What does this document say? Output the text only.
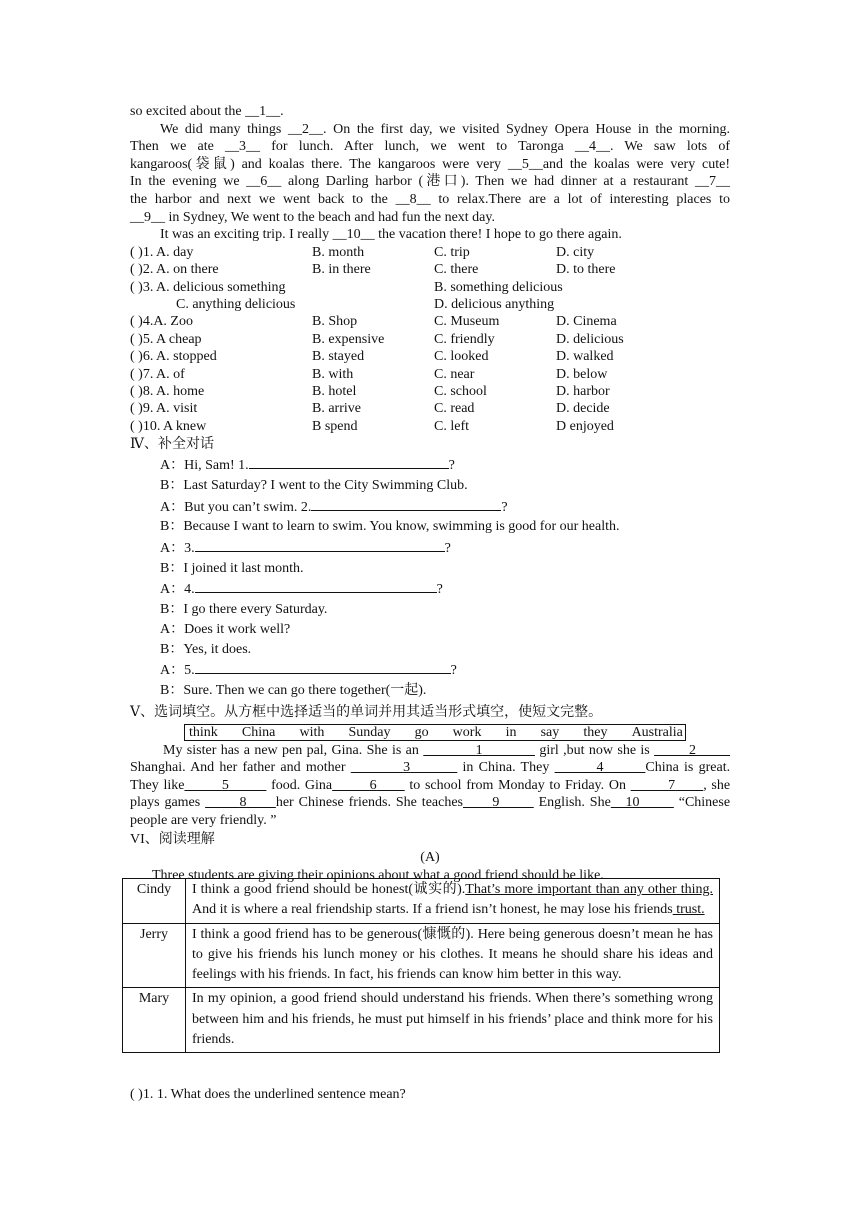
so excited about the __1__.

We did many things __2__. On the first day, we visited Sydney Opera House in the morning.

Then we ate __3__ for lunch. After lunch, we went to Taronga __4__. We saw lots of

kangaroos(袋鼠) and koalas there. The kangaroos were very __5__and the koalas were very cute!

In the evening we __6__ along Darling harbor (港口). Then we had dinner at a restaurant __7__

the harbor and next we went back to the __8__ to relax.There are a lot of interesting places to

__9__ in Sydney, We went to the beach and had fun the next day.

It was an exciting trip. I really __10__ the vacation there! I hope to go there again.

( )1. A. day	B. month	C. trip	D. city
( )2. A. on there	B. in there	C. there	D. to there
( )3. A. delicious something	B. something delicious
C. anything delicious	D. delicious anything
( )4.A. Zoo	B. Shop	C. Museum	D. Cinema
( )5. A cheap	B. expensive	C. friendly	D. delicious
( )6. A. stopped	B. stayed	C. looked	D. walked
( )7. A. of	B. with	C. near	D. below
( )8. A. home	B. hotel	C. school	D. harbor
( )9. A. visit	B. arrive	C. read	D. decide
( )10. A knew	B spend	C. left	D enjoyed

Ⅳ、补全对话

A：Hi, Sam! 1.	?
B：Last Saturday? I went to the City Swimming Club.
A：But you can’t swim. 2.	?
B：Because I want to learn to swim. You know, swimming is good for our health.
A：3.	?
B：I joined it last month.
A：4.	?
B：I go there every Saturday.
A：Does it work well?
B：Yes, it does.
A：5.	?
B：Sure. Then we can go there together(一起).

Ⅴ、选词填空。从方框中选择适当的单词并用其适当形式填空，使短文完整。

think China with Sunday go work in say they Australia
My sister has a new pen pal, Gina. She is an	1	girl ,but now she is	2
Shanghai. And her father and mother	3	in China. They	4	China is great.
They like	5	food. Gina	6 to school from Monday to Friday. On	7 , she
plays games	8 her Chinese friends. She teaches 9	English. She 10	“Chinese
people are very friendly. ”

VI、阅读理解

(A)
Three students are giving their opinions about what a good friend should be like.
Cindy	I think a good friend should be honest(诚实的).That’s more important than any other thing. And it is where a real friendship starts. If a friend isn’t honest, he may lose his friends trust.
Jerry	I think a good friend has to be generous(慷慨的). Here being generous doesn’t mean he has to give his friends his lunch money or his clothes. It means he should share his ideas and feelings with his friends. In fact, his friends can know him better in this way.
Mary	In my opinion, a good friend should understand his friends. When there’s something wrong between him and his friends, he must put himself in his friends’ place and think more for his friends.
( )1. 1. What does the underlined sentence mean?
